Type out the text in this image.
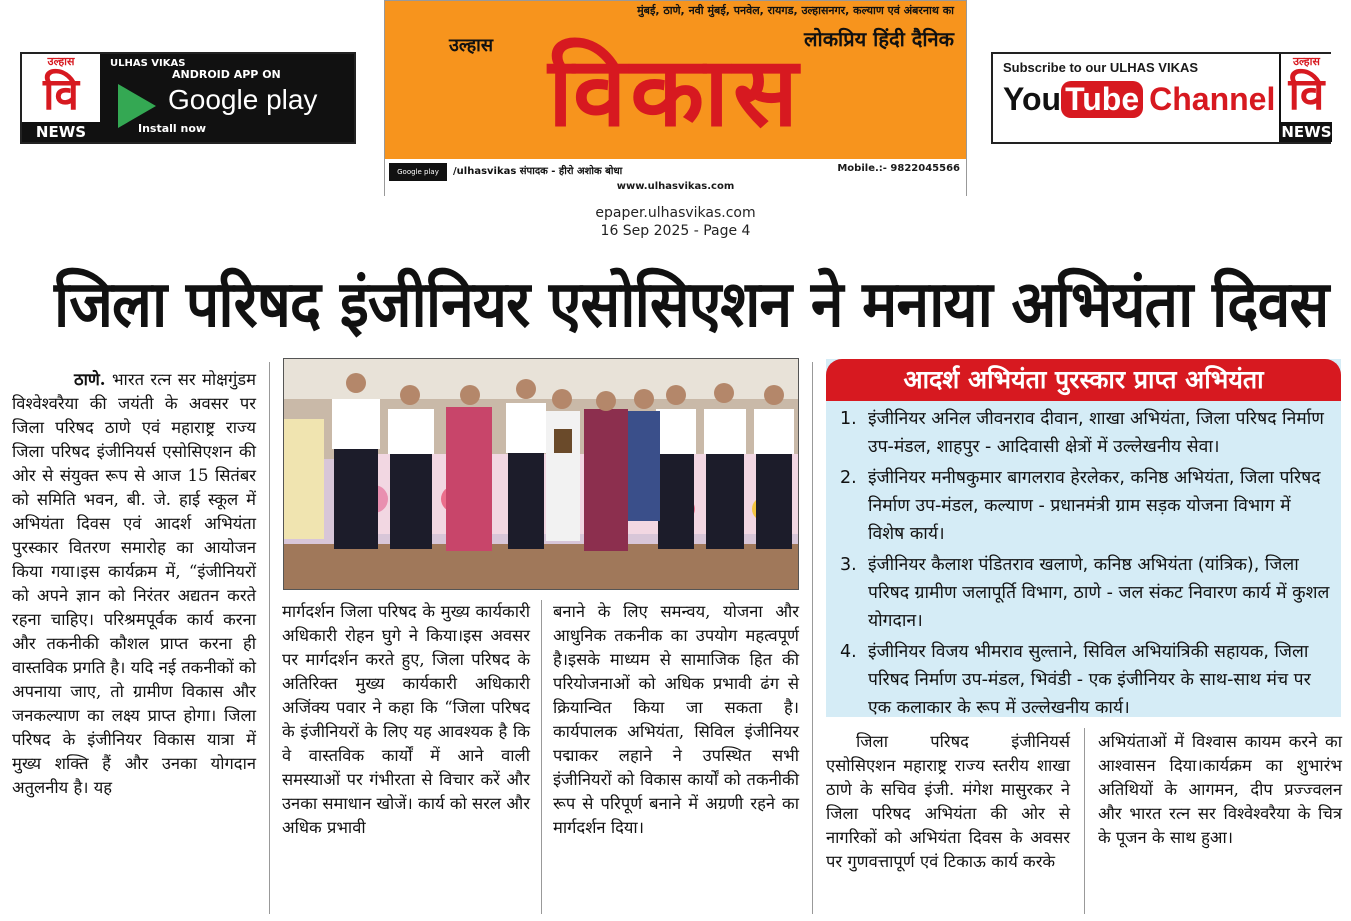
उल्हास
वि
NEWS
ULHAS VIKAS
ANDROID APP ON
Google play
Install now
मुंबई, ठाणे, नवी मुंबई, पनवेल, रायगड, उल्हासनगर, कल्याण एवं अंबरनाथ का
लोकप्रिय हिंदी दैनिक
उल्हास विकास
Google play	/ulhasvikas संपादक - हीरो अशोक बोधा	Mobile.:- 9822045566
www.ulhasvikas.com
Subscribe to our ULHAS VIKAS
You Tube Channel
उल्हास
वि
NEWS
epaper.ulhasvikas.com
16 Sep 2025 - Page 4
जिला परिषद इंजीनियर एसोसिएशन ने मनाया अभियंता दिवस

ठाणे. भारत रत्न सर मोक्षगुंडम विश्वेश्वरैया की जयंती के अवसर पर जिला परिषद ठाणे एवं महाराष्ट्र राज्य जिला परिषद इंजीनियर्स एसोसिएशन की ओर से संयुक्त रूप से आज 15 सितंबर को समिति भवन, बी. जे. हाई स्कूल में अभियंता दिवस एवं आदर्श अभियंता पुरस्कार वितरण समारोह का आयोजन किया गया।इस कार्यक्रम में, “इंजीनियरों को अपने ज्ञान को निरंतर अद्यतन करते रहना चाहिए। परिश्रमपूर्वक कार्य करना और तकनीकी कौशल प्राप्त करना ही वास्तविक प्रगति है। यदि नई तकनीकों को अपनाया जाए, तो ग्रामीण विकास और जनकल्याण का लक्ष्य प्राप्त होगा। जिला परिषद के इंजीनियर विकास यात्रा में मुख्य शक्ति हैं और उनका योगदान अतुलनीय है। यह

मार्गदर्शन जिला परिषद के मुख्य कार्यकारी अधिकारी रोहन घुगे ने किया।इस अवसर पर मार्गदर्शन करते हुए, जिला परिषद के अतिरिक्त मुख्य कार्यकारी अधिकारी अजिंक्य पवार ने कहा कि “जिला परिषद के इंजीनियरों के लिए यह आवश्यक है कि वे वास्तविक कार्यों में आने वाली समस्याओं पर गंभीरता से विचार करें और उनका समाधान खोजें। कार्य को सरल और अधिक प्रभावी

बनाने के लिए समन्वय, योजना और आधुनिक तकनीक का उपयोग महत्वपूर्ण है।इसके माध्यम से सामाजिक हित की परियोजनाओं को अधिक प्रभावी ढंग से क्रियान्वित किया जा सकता है। कार्यपालक अभियंता, सिविल इंजीनियर पद्माकर लहाने ने उपस्थित सभी इंजीनियरों को विकास कार्यों को तकनीकी रूप से परिपूर्ण बनाने में अग्रणी रहने का मार्गदर्शन दिया।

आदर्श अभियंता पुरस्कार प्राप्त अभियंता
1. इंजीनियर अनिल जीवनराव दीवान, शाखा अभियंता, जिला परिषद निर्माण उप-मंडल, शाहपुर - आदिवासी क्षेत्रों में उल्लेखनीय सेवा।
2. इंजीनियर मनीषकुमार बागलराव हेरलेकर, कनिष्ठ अभियंता, जिला परिषद निर्माण उप-मंडल, कल्याण - प्रधानमंत्री ग्राम सड़क योजना विभाग में विशेष कार्य।
3. इंजीनियर कैलाश पंडितराव खलाणे, कनिष्ठ अभियंता (यांत्रिक), जिला परिषद ग्रामीण जलापूर्ति विभाग, ठाणे - जल संकट निवारण कार्य में कुशल योगदान।
4. इंजीनियर विजय भीमराव सुल्ताने, सिविल अभियांत्रिकी सहायक, जिला परिषद निर्माण उप-मंडल, भिवंडी - एक इंजीनियर के साथ-साथ मंच पर एक कलाकार के रूप में उल्लेखनीय कार्य।

जिला परिषद इंजीनियर्स एसोसिएशन महाराष्ट्र राज्य स्तरीय शाखा ठाणे के सचिव इंजी. मंगेश मासुरकर ने जिला परिषद अभियंता की ओर से नागरिकों को अभियंता दिवस के अवसर पर गुणवत्तापूर्ण एवं टिकाऊ कार्य करके

अभियंताओं में विश्वास कायम करने का आश्वासन दिया।कार्यक्रम का शुभारंभ अतिथियों के आगमन, दीप प्रज्ज्वलन और भारत रत्न सर विश्वेश्वरैया के चित्र के पूजन के साथ हुआ।
